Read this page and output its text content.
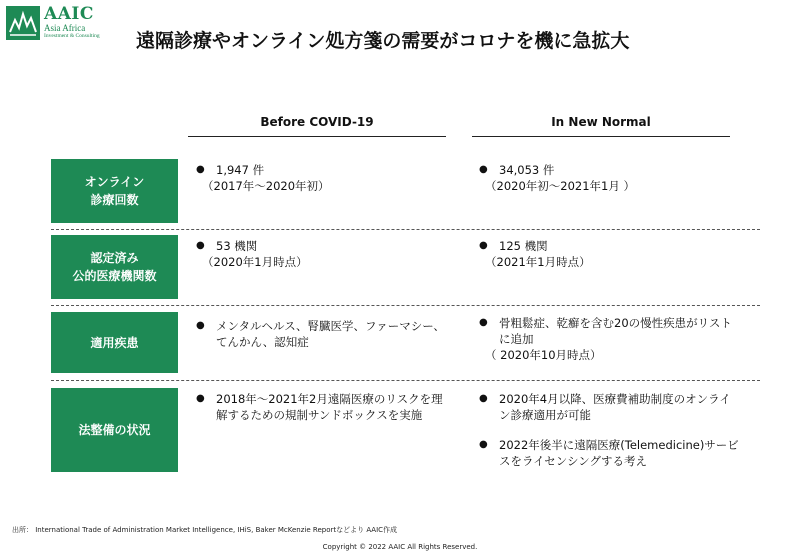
AAIC
Asia Africa
Investment & Consulting 遠隔診療やオンライン処方箋の需要がコロナを機に急拡大
Before COVID-19	In New Normal
オンライン
診療回数
● 1,947 件
（2017年～2020年初）
● 34,053 件
（2020年初～2021年1月 ）
認定済み
公的医療機関数
● 53 機関
（2020年1月時点）
● 125 機関
（2021年1月時点）
適用疾患
● メンタルヘルス、腎臓医学、ファーマシー、てんかん、認知症
● 骨粗鬆症、乾癬を含む20の慢性疾患がリストに追加
（ 2020年10月時点）
法整備の状況
● 2018年～2021年2月遠隔医療のリスクを理解するための規制サンドボックスを実施
● 2020年4月以降、医療費補助制度のオンライン診療適用が可能
● 2022年後半に遠隔医療(Telemedicine)サービスをライセンシングする考え
出所： International Trade of Administration Market Intelligence, IHiS, Baker McKenzie Reportなどより AAIC作成
Copyright © 2022 AAIC All Rights Reserved.
